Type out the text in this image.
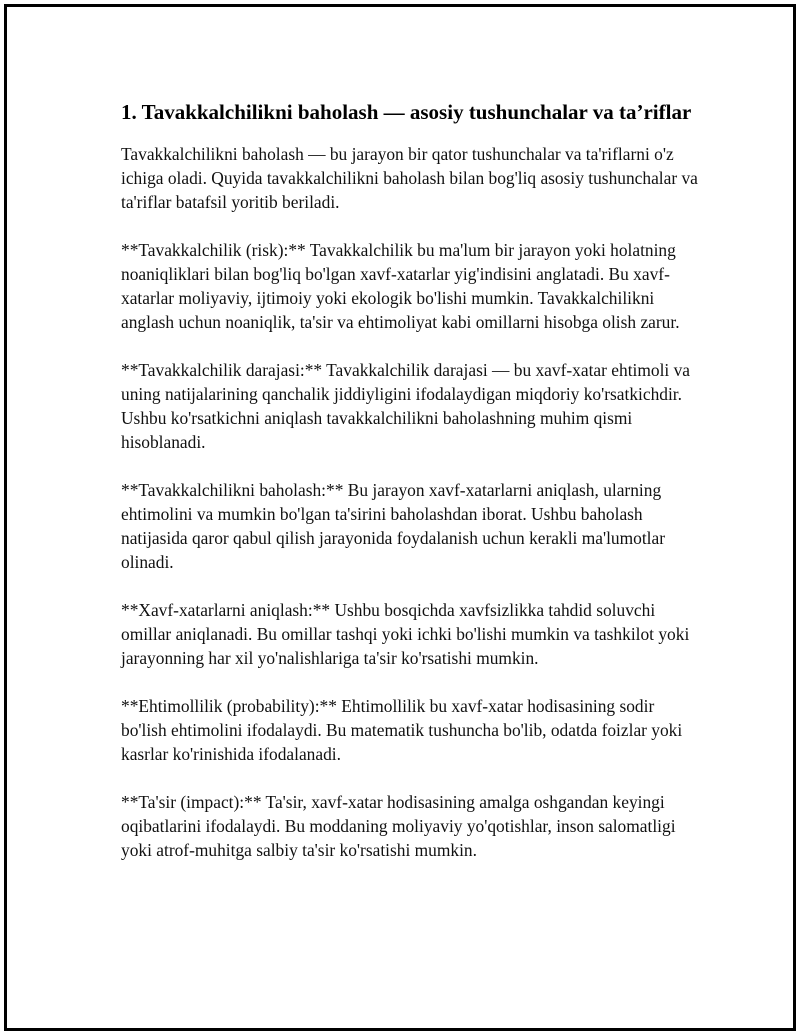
1. Tavakkalchilikni baholash — asosiy tushunchalar va ta’riflar

Tavakkalchilikni baholash — bu jarayon bir qator tushunchalar va ta'riflarni o'z ichiga oladi. Quyida tavakkalchilikni baholash bilan bog'liq asosiy tushunchalar va ta'riflar batafsil yoritib beriladi.

**Tavakkalchilik (risk):** Tavakkalchilik bu ma'lum bir jarayon yoki holatning noaniqliklari bilan bog'liq bo'lgan xavf-xatarlar yig'indisini anglatadi. Bu xavf-xatarlar moliyaviy, ijtimoiy yoki ekologik bo'lishi mumkin. Tavakkalchilikni anglash uchun noaniqlik, ta'sir va ehtimoliyat kabi omillarni hisobga olish zarur.

**Tavakkalchilik darajasi:** Tavakkalchilik darajasi — bu xavf-xatar ehtimoli va uning natijalarining qanchalik jiddiyligini ifodalaydigan miqdoriy ko'rsatkichdir. Ushbu ko'rsatkichni aniqlash tavakkalchilikni baholashning muhim qismi hisoblanadi.

**Tavakkalchilikni baholash:** Bu jarayon xavf-xatarlarni aniqlash, ularning ehtimolini va mumkin bo'lgan ta'sirini baholashdan iborat. Ushbu baholash natijasida qaror qabul qilish jarayonida foydalanish uchun kerakli ma'lumotlar olinadi.

**Xavf-xatarlarni aniqlash:** Ushbu bosqichda xavfsizlikka tahdid soluvchi omillar aniqlanadi. Bu omillar tashqi yoki ichki bo'lishi mumkin va tashkilot yoki jarayonning har xil yo'nalishlariga ta'sir ko'rsatishi mumkin.

**Ehtimollilik (probability):** Ehtimollilik bu xavf-xatar hodisasining sodir bo'lish ehtimolini ifodalaydi. Bu matematik tushuncha bo'lib, odatda foizlar yoki kasrlar ko'rinishida ifodalanadi.

**Ta'sir (impact):** Ta'sir, xavf-xatar hodisasining amalga oshgandan keyingi oqibatlarini ifodalaydi. Bu moddaning moliyaviy yo'qotishlar, inson salomatligi yoki atrof-muhitga salbiy ta'sir ko'rsatishi mumkin.
